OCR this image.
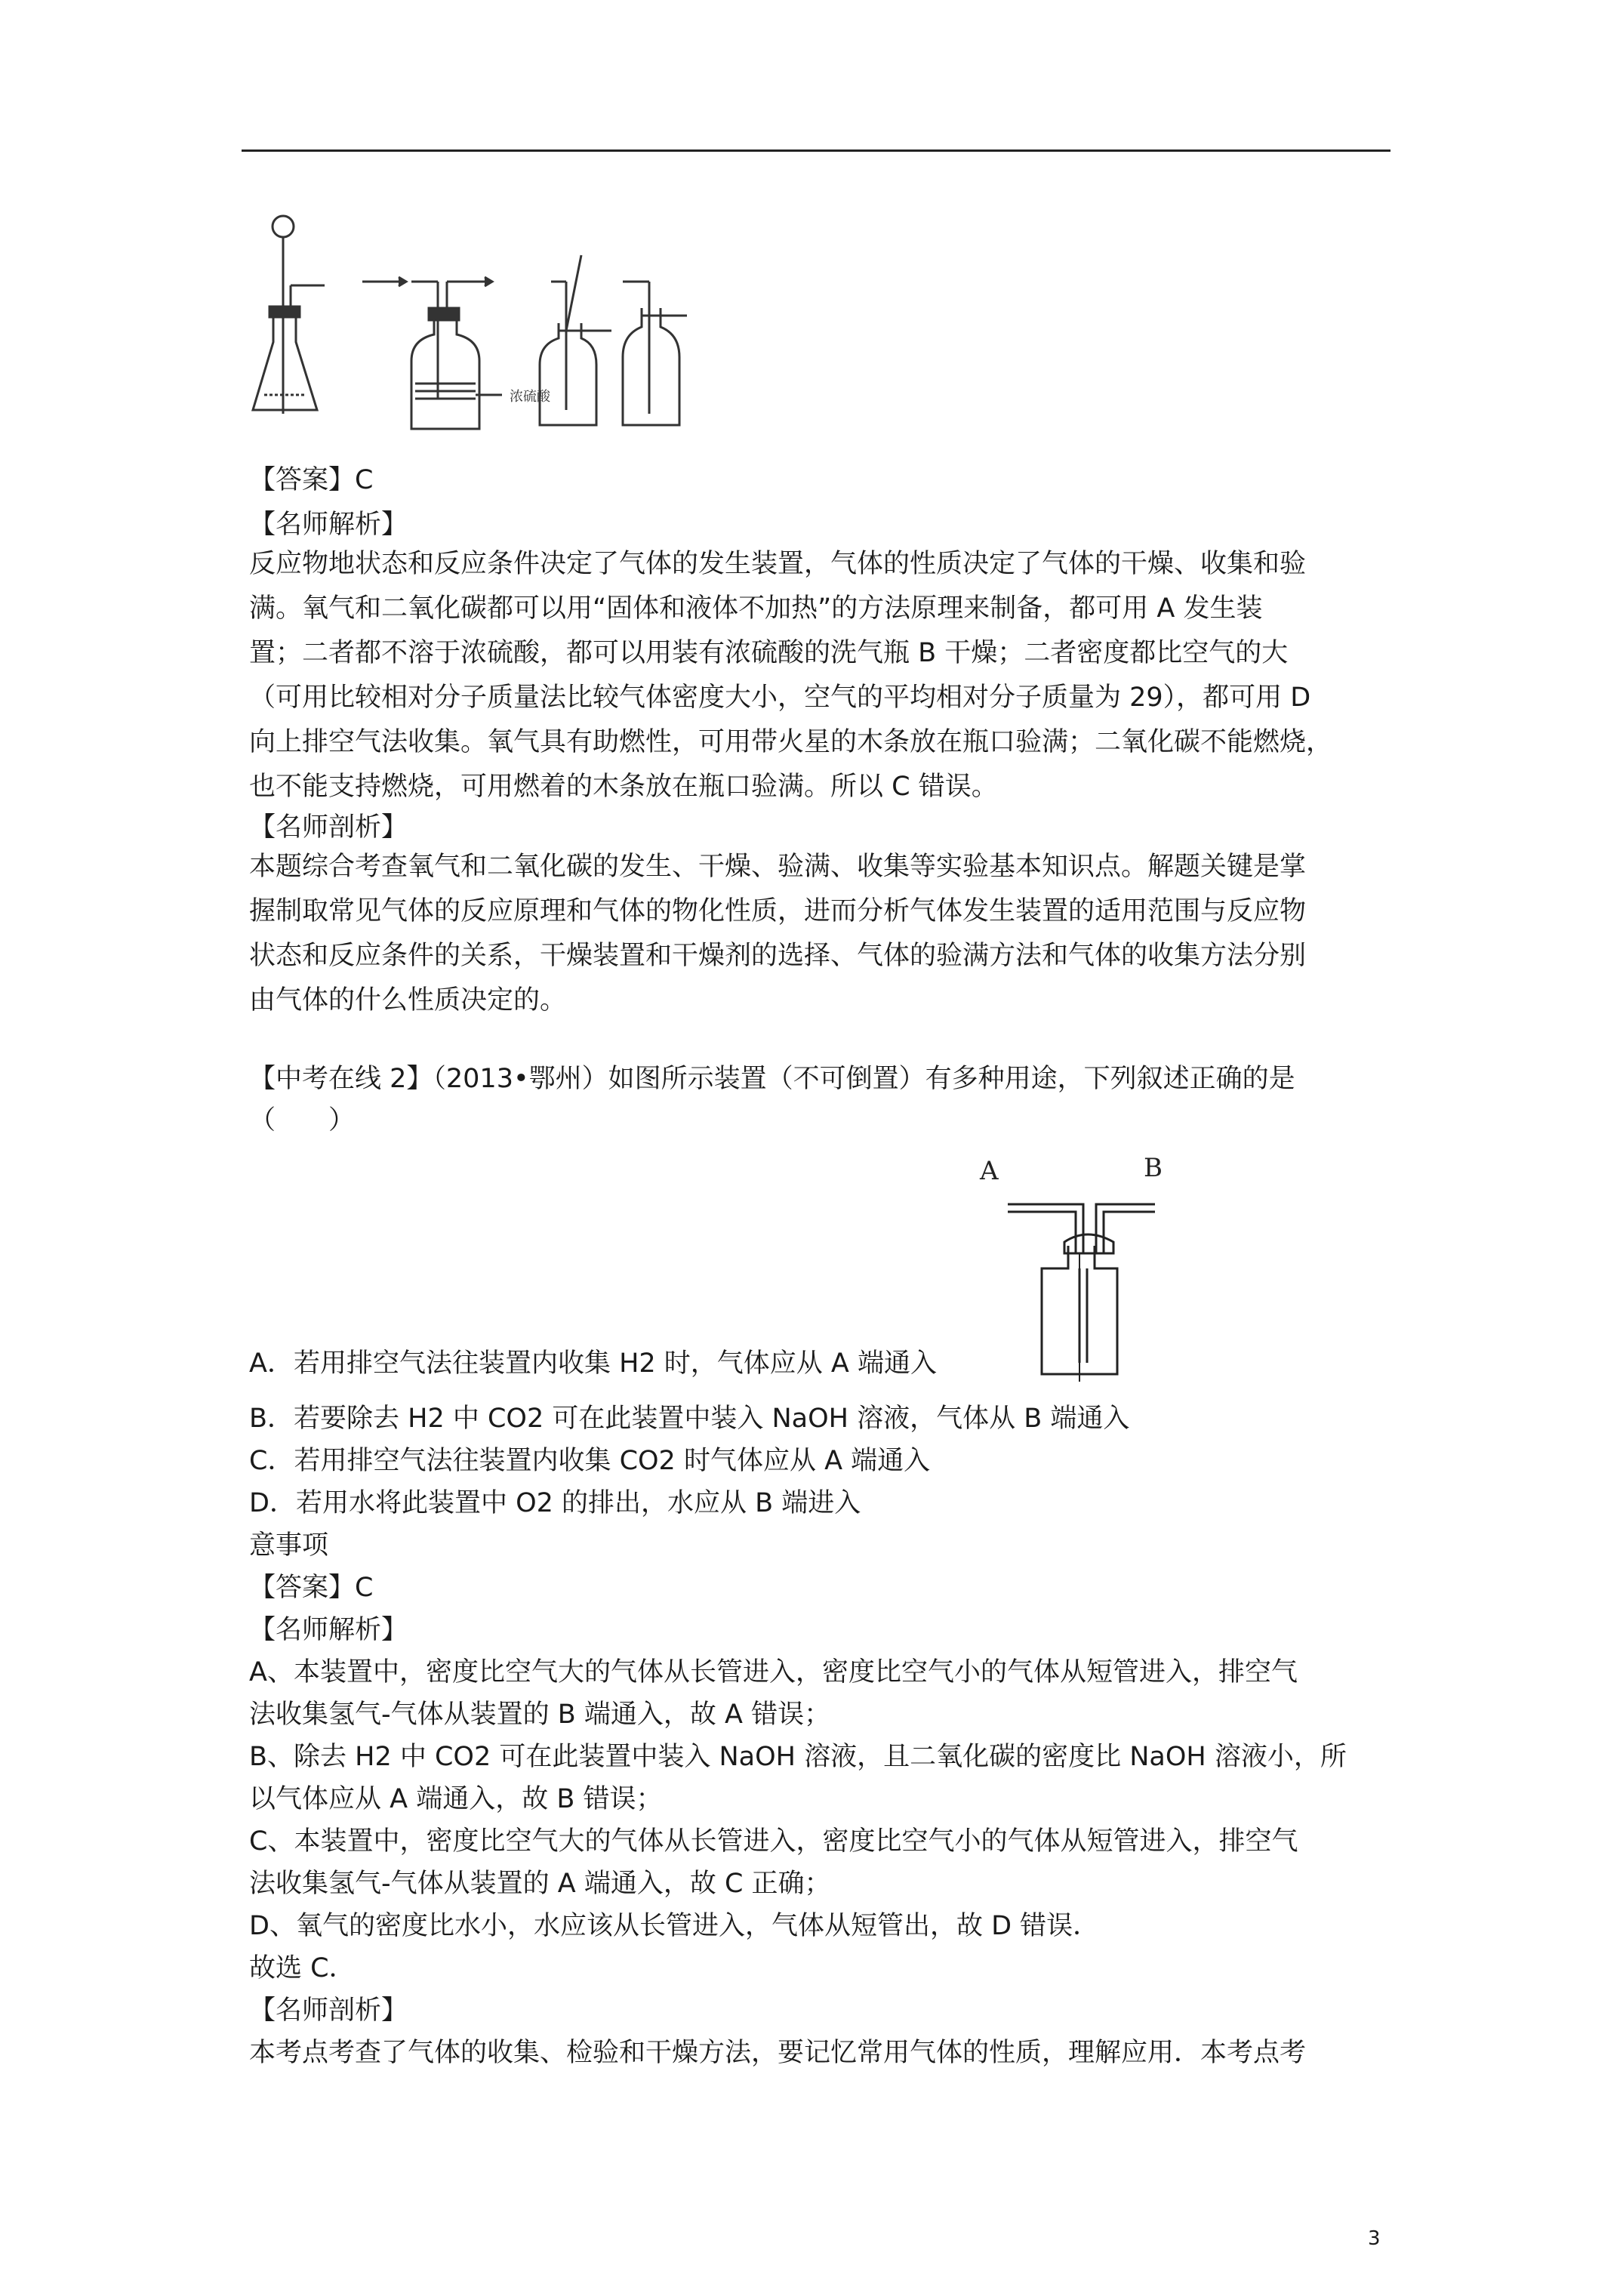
浓硫酸

【答案】C

【名师解析】

反应物地状态和反应条件决定了气体的发生装置，气体的性质决定了气体的干燥、收集和验

满。氧气和二氧化碳都可以用“固体和液体不加热”的方法原理来制备，都可用 A 发生装

置；二者都不溶于浓硫酸，都可以用装有浓硫酸的洗气瓶 B 干燥；二者密度都比空气的大

（可用比较相对分子质量法比较气体密度大小，空气的平均相对分子质量为 29），都可用 D

向上排空气法收集。氧气具有助燃性，可用带火星的木条放在瓶口验满；二氧化碳不能燃烧，

也不能支持燃烧，可用燃着的木条放在瓶口验满。所以 C 错误。

【名师剖析】

本题综合考查氧气和二氧化碳的发生、干燥、验满、收集等实验基本知识点。解题关键是掌

握制取常见气体的反应原理和气体的物化性质，进而分析气体发生装置的适用范围与反应物

状态和反应条件的关系，干燥装置和干燥剂的选择、气体的验满方法和气体的收集方法分别

由气体的什么性质决定的。

【中考在线 2】（2013•鄂州）如图所示装置（不可倒置）有多种用途，下列叙述正确的是

（　　）

A	B

A．若用排空气法往装置内收集 H2 时，气体应从 A 端通入

B．若要除去 H2 中 CO2 可在此装置中装入 NaOH 溶液，气体从 B 端通入

C．若用排空气法往装置内收集 CO2 时气体应从 A 端通入

D．若用水将此装置中 O2 的排出，水应从 B 端进入

意事项

【答案】C

【名师解析】

A、本装置中，密度比空气大的气体从长管进入，密度比空气小的气体从短管进入，排空气

法收集氢气-气体从装置的 B 端通入，故 A 错误；

B、除去 H2 中 CO2 可在此装置中装入 NaOH 溶液，且二氧化碳的密度比 NaOH 溶液小，所

以气体应从 A 端通入，故 B 错误；

C、本装置中，密度比空气大的气体从长管进入，密度比空气小的气体从短管进入，排空气

法收集氢气-气体从装置的 A 端通入，故 C 正确；

D、氧气的密度比水小，水应该从长管进入，气体从短管出，故 D 错误．

故选 C．

【名师剖析】

本考点考查了气体的收集、检验和干燥方法，要记忆常用气体的性质，理解应用．本考点考

3
